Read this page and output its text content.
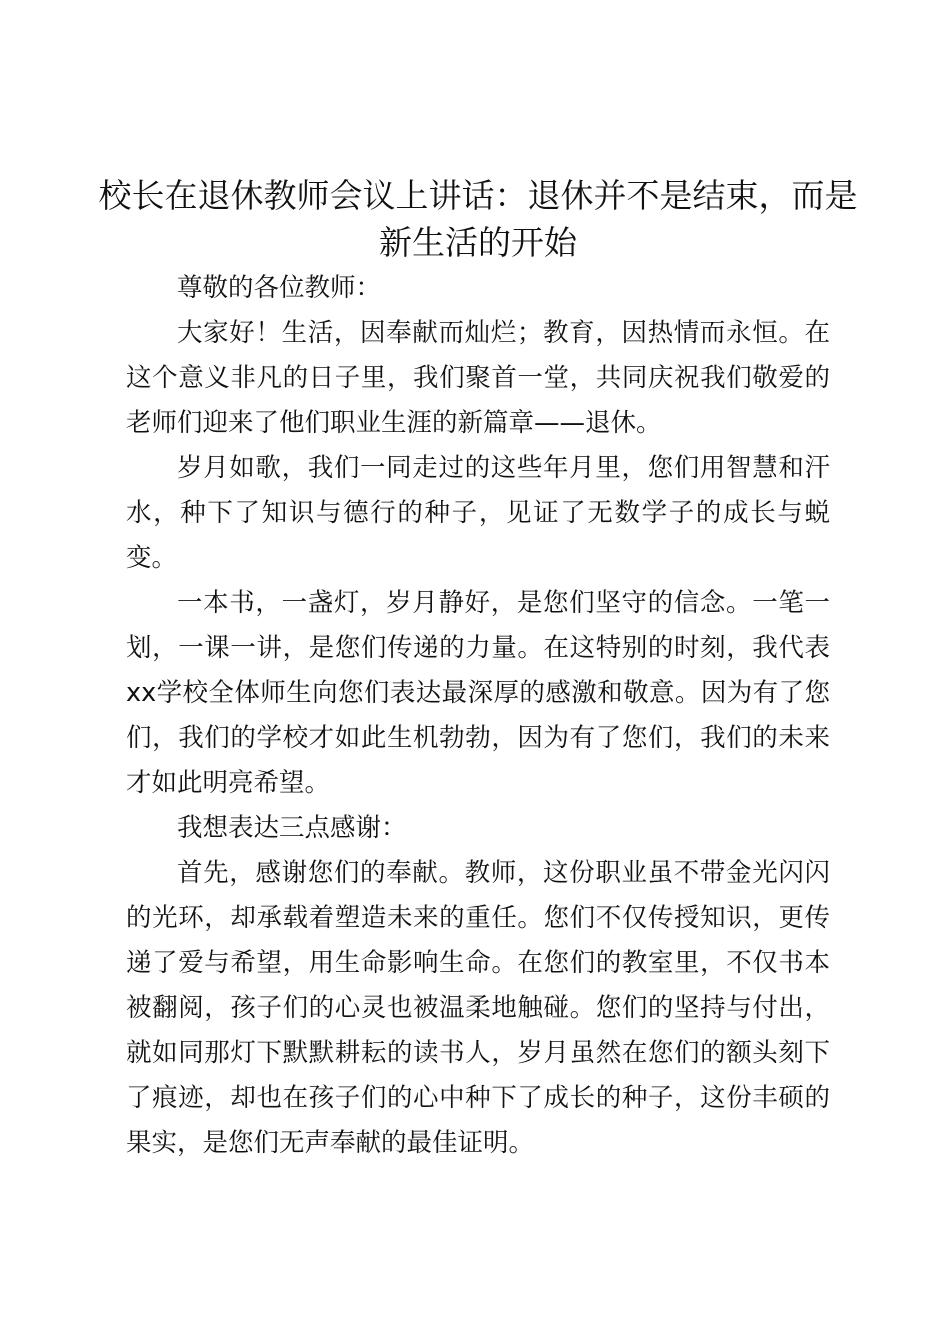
校长在退休教师会议上讲话：退休并不是结束，而是新生活的开始

尊敬的各位教师：

大家好！生活，因奉献而灿烂；教育，因热情而永恒。在这个意义非凡的日子里，我们聚首一堂，共同庆祝我们敬爱的老师们迎来了他们职业生涯的新篇章——退休。

岁月如歌，我们一同走过的这些年月里，您们用智慧和汗水，种下了知识与德行的种子，见证了无数学子的成长与蜕变。

一本书，一盏灯，岁月静好，是您们坚守的信念。一笔一划，一课一讲，是您们传递的力量。在这特别的时刻，我代表xx学校全体师生向您们表达最深厚的感激和敬意。因为有了您们，我们的学校才如此生机勃勃，因为有了您们，我们的未来才如此明亮希望。

我想表达三点感谢：

首先，感谢您们的奉献。教师，这份职业虽不带金光闪闪的光环，却承载着塑造未来的重任。您们不仅传授知识，更传递了爱与希望，用生命影响生命。在您们的教室里，不仅书本被翻阅，孩子们的心灵也被温柔地触碰。您们的坚持与付出，就如同那灯下默默耕耘的读书人，岁月虽然在您们的额头刻下了痕迹，却也在孩子们的心中种下了成长的种子，这份丰硕的果实，是您们无声奉献的最佳证明。
